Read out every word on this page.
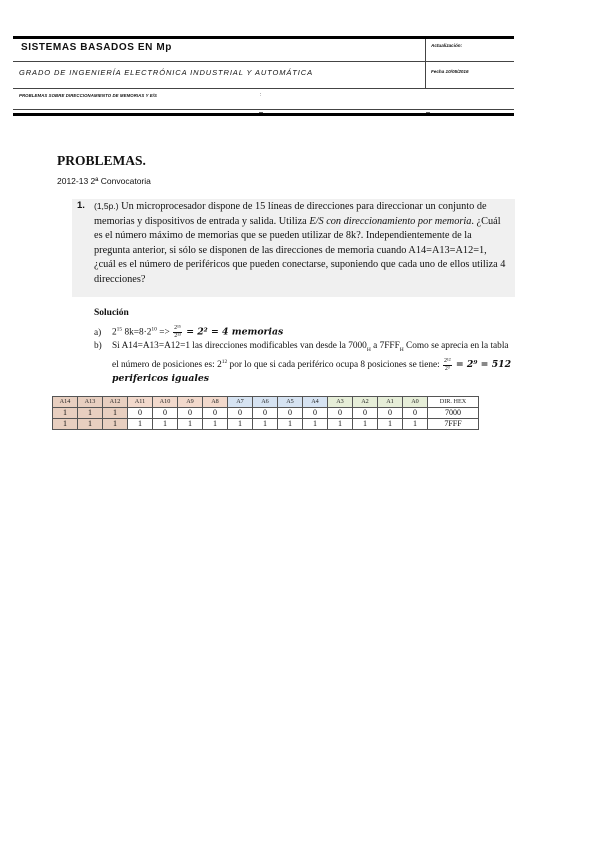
SISTEMAS BASADOS EN Mp
GRADO DE INGENIERÍA ELECTRÓNICA INDUSTRIAL Y AUTOMÁTICA
PROBLEMAS SOBRE DIRECCIONAMIENTO DE MEMORIAS Y E/S	:
Actualización:
Fecha 10/05/2016
PROBLEMAS.
2012-13 2ª Convocatoria
1. (1,5p.) Un microprocesador dispone de 15 líneas de direcciones para direccionar un conjunto de memorias y dispositivos de entrada y salida. Utiliza E/S con direccionamiento por memoria. ¿Cuál es el número máximo de memorias que se pueden utilizar de 8k?. Independientemente de la pregunta anterior, si sólo se disponen de las direcciones de memoria cuando A14=A13=A12=1, ¿cuál es el número de periféricos que pueden conectarse, suponiendo que cada uno de ellos utiliza 4 direcciones?
Solución
a) $2^{15}$ $8k=8\cdot 2^{10} => \frac{\text{2¹⁵}}{\text{2¹³}} = 2^2 = 4$ memorias
b)	Si A14=A13=A12=1 las direcciones modificables van desde la $7000_H$ a $7FFF_H$ Como se apreciа en la tabla el número de posiciones es: $2^{12}$ por lo que si cada periférico ocupa 8 posiciones se tiene: $\frac{\text{2¹²}}{\text{2³}} = 2^9 = 512$ perifericos iguales
A14	A13	A12	A11	A10	A9	A8	A7	A6	A5	A4	A3	A2	A1	A0	DIR. HEX
1	1	1	0	0	0	0	0	0	0	0	0	0	0	0	7000
1	1	1	1	1	1	1	1	1	1	1	1	1	1	1	7FFF
